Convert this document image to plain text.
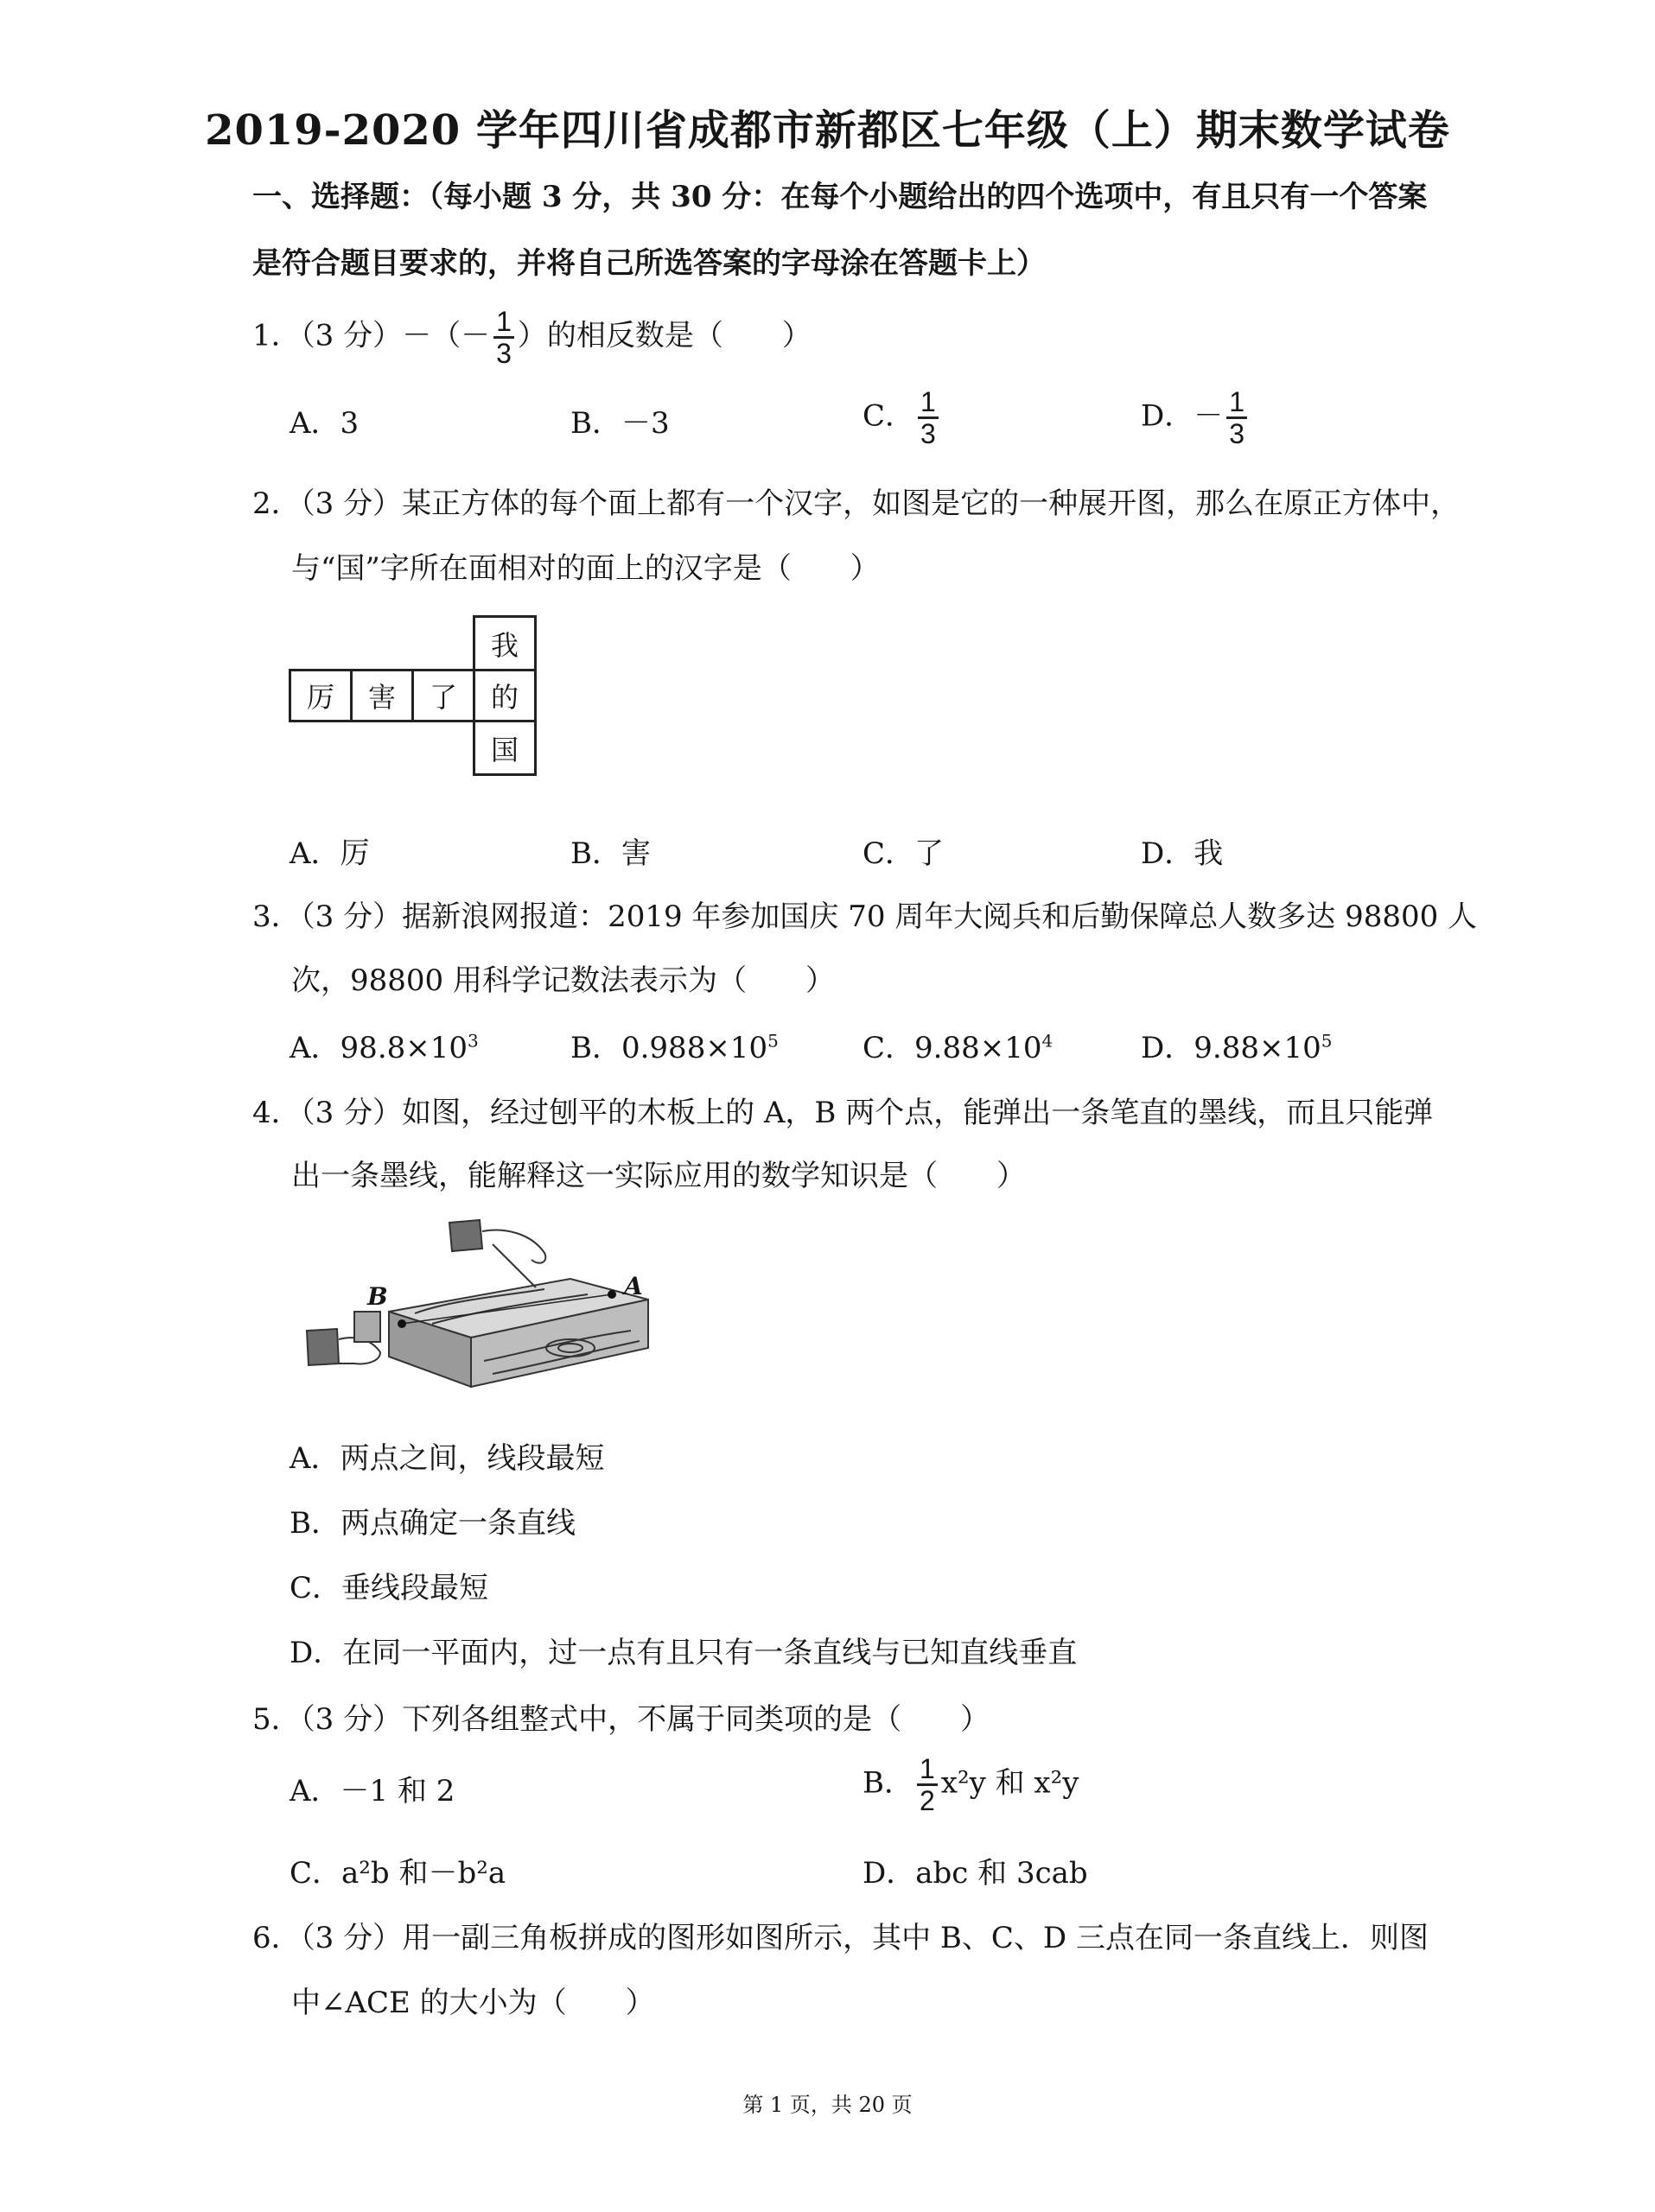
2019-2020 学年四川省成都市新都区七年级（上）期末数学试卷
一、选择题：（每小题 3 分，共 30 分：在每个小题给出的四个选项中，有且只有一个答案
是符合题目要求的，并将自己所选答案的字母涂在答题卡上）
1．（3 分）－（－ $\frac{1}{3}$ ）的相反数是（　　）
A．3	B．－3	C． $\frac{1}{3}$	D．－ $\frac{1}{3}$
2．（3 分）某正方体的每个面上都有一个汉字，如图是它的一种展开图，那么在原正方体中，
与“国”字所在面相对的面上的汉字是（　　）
厉	害	了	的
我
国
A．厉	B．害	C．了	D．我
3．（3 分）据新浪网报道：2019 年参加国庆 70 周年大阅兵和后勤保障总人数多达 98800 人
次，98800 用科学记数法表示为（　　）
A．$98.8\times 10^3$	B．$0.988\times 10^5$	C．$9.88\times 10^4$	D．$9.88\times 10^5$
4．（3 分）如图，经过刨平的木板上的 A，B 两个点，能弹出一条笔直的墨线，而且只能弹
出一条墨线，能解释这一实际应用的数学知识是（　　）
B	A
A．两点之间，线段最短
B．两点确定一条直线
C．垂线段最短
D．在同一平面内，过一点有且只有一条直线与已知直线垂直
5．（3 分）下列各组整式中，不属于同类项的是（　　）
A．－1 和 2	B． $\frac{1}{2} x^2y$ 和 x²y
C．a²b 和－b²a	D．abc 和 3cab
6．（3 分）用一副三角板拼成的图形如图所示，其中 B、C、D 三点在同一条直线上．则图
中∠ACE 的大小为（　　）
第 1 页，共 20 页
